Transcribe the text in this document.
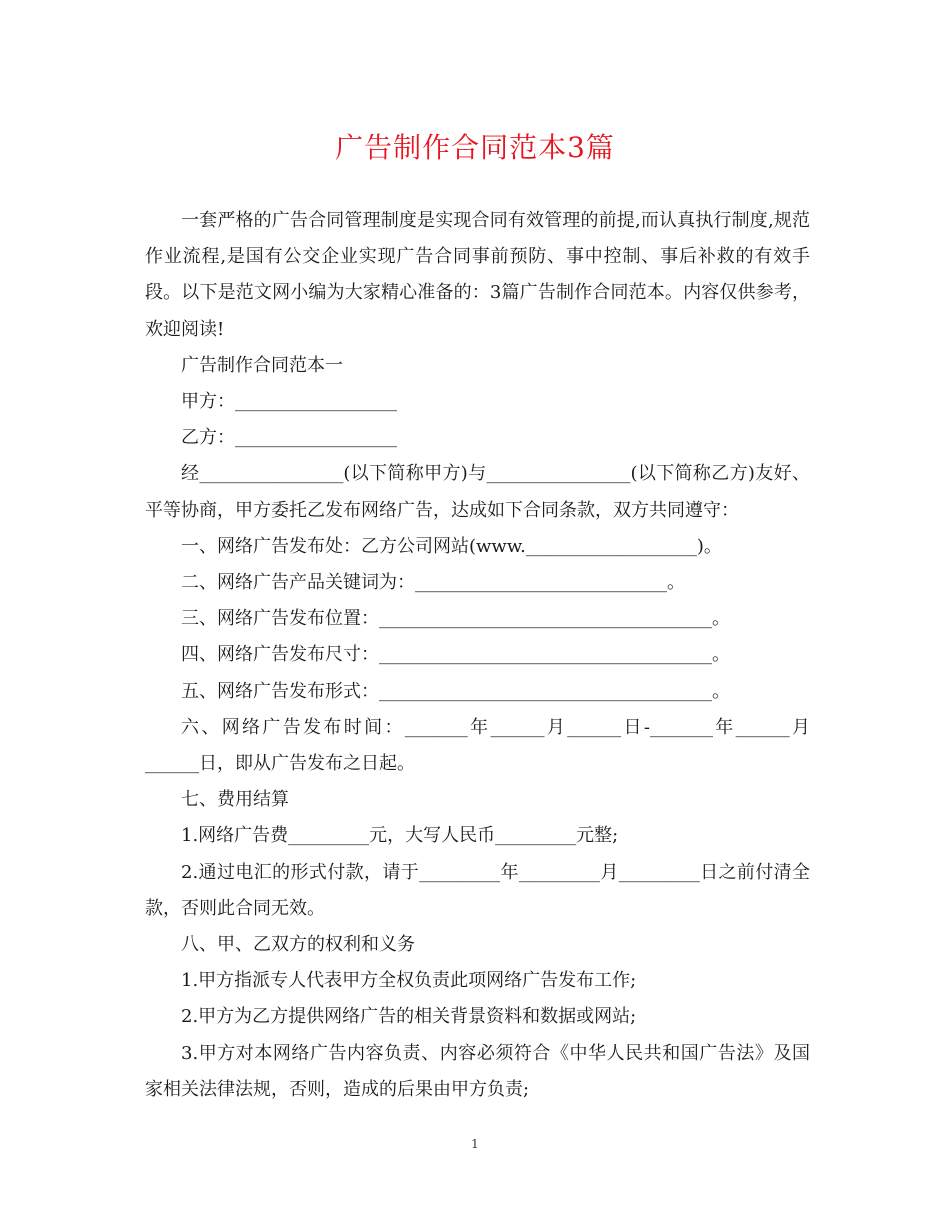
广告制作合同范本3篇

一套严格的广告合同管理制度是实现合同有效管理的前提,而认真执行制度,规范作业流程,是国有公交企业实现广告合同事前预防、事中控制、事后补救的有效手段。以下是范文网小编为大家精心准备的：3篇广告制作合同范本。内容仅供参考，欢迎阅读!

广告制作合同范本一

甲方：__________________

乙方：__________________

经________________(以下简称甲方)与________________(以下简称乙方)友好、平等协商，甲方委托乙发布网络广告，达成如下合同条款，双方共同遵守：

一、网络广告发布处：乙方公司网站(www.___________________)。

二、网络广告产品关键词为：____________________________。

三、网络广告发布位置：_____________________________________。

四、网络广告发布尺寸：_____________________________________。

五、网络广告发布形式：_____________________________________。

六、网络广告发布时间：_______年______月______日-_______年______月______日，即从广告发布之日起。

七、费用结算

1.网络广告费_________元，大写人民币_________元整;

2.通过电汇的形式付款，请于_________年_________月_________日之前付清全款，否则此合同无效。

八、甲、乙双方的权利和义务

1.甲方指派专人代表甲方全权负责此项网络广告发布工作;

2.甲方为乙方提供网络广告的相关背景资料和数据或网站;

3.甲方对本网络广告内容负责、内容必须符合《中华人民共和国广告法》及国家相关法律法规，否则，造成的后果由甲方负责;

1
